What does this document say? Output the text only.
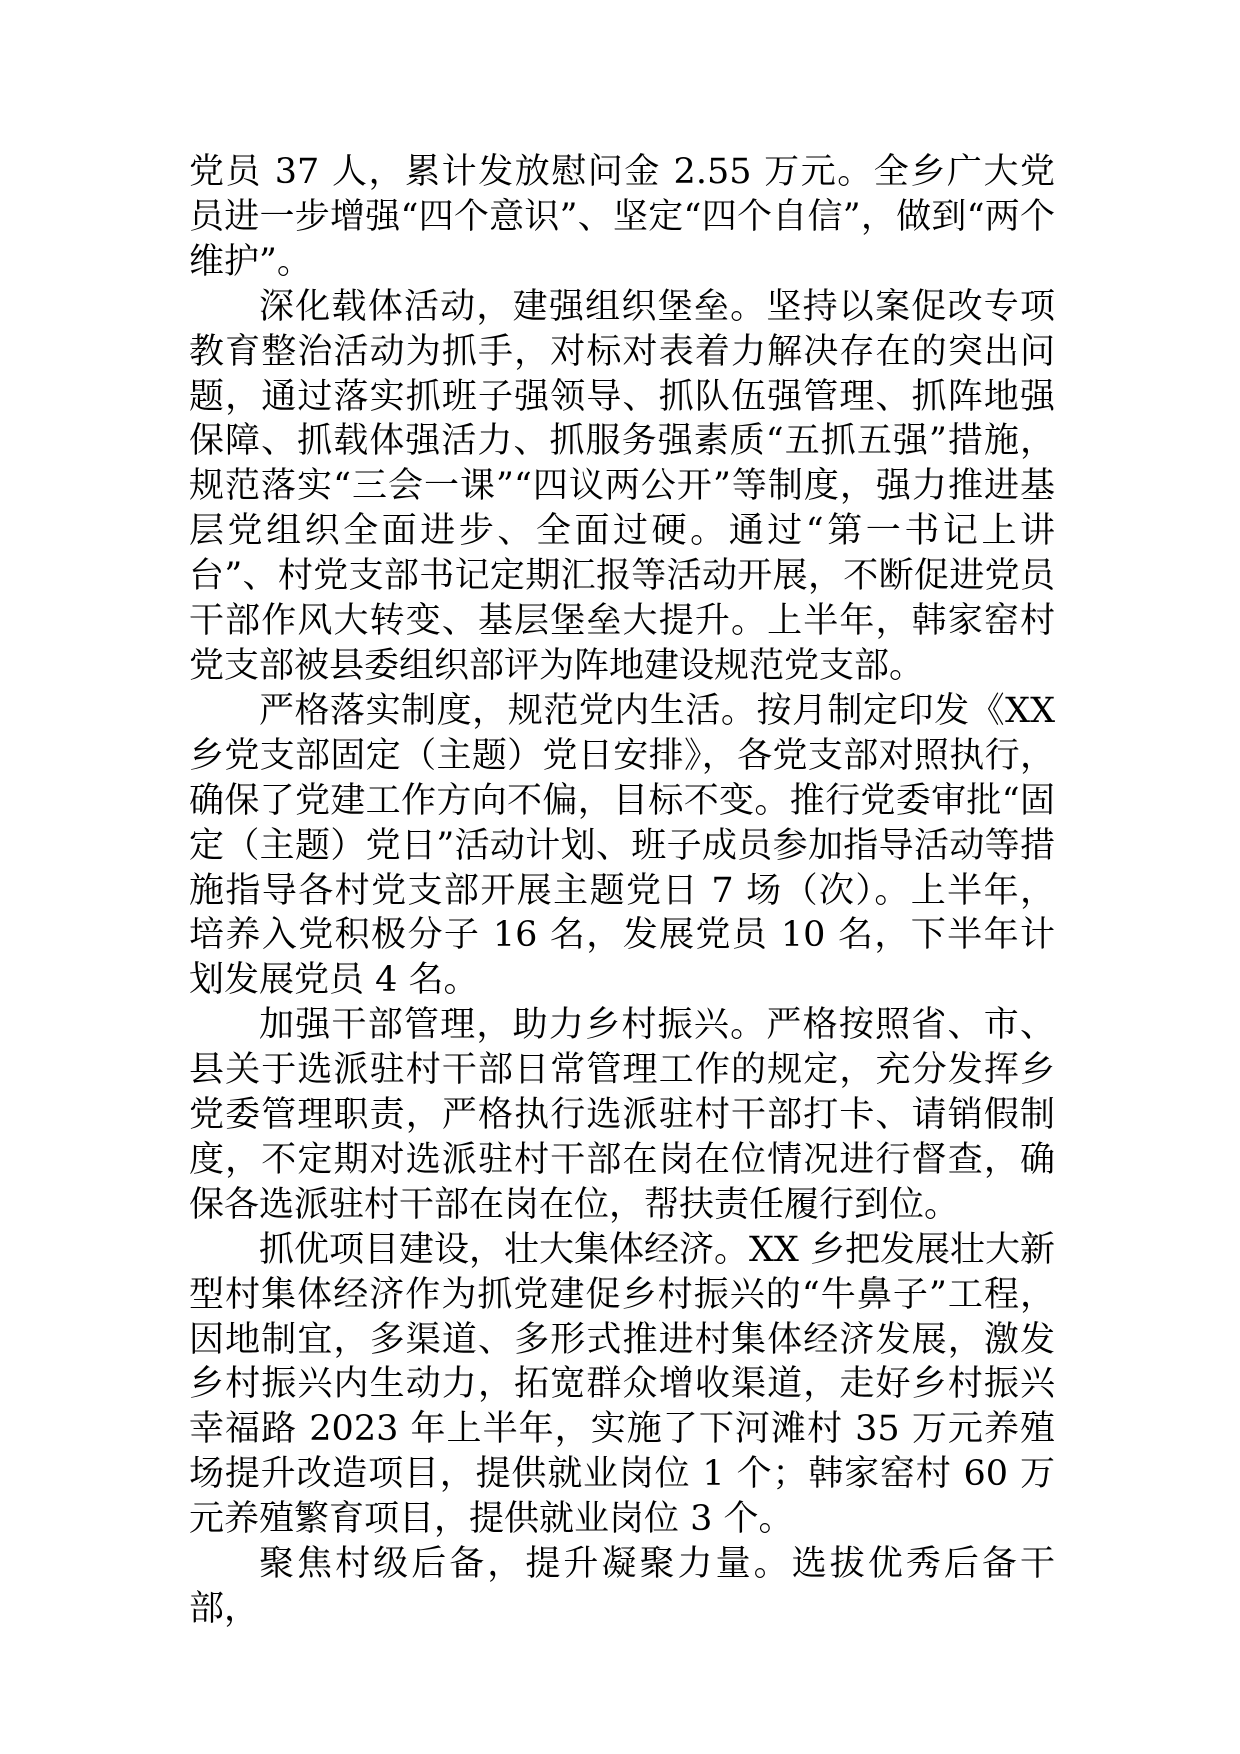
党员 37 人，累计发放慰问金 2.55 万元。全乡广大党员进一步增强“四个意识”、坚定“四个自信”，做到“两个维护”。

深化载体活动，建强组织堡垒。坚持以案促改专项教育整治活动为抓手，对标对表着力解决存在的突出问题，通过落实抓班子强领导、抓队伍强管理、抓阵地强保障、抓载体强活力、抓服务强素质“五抓五强”措施，规范落实“三会一课”“四议两公开”等制度，强力推进基层党组织全面进步、全面过硬。通过“第一书记上讲台”、村党支部书记定期汇报等活动开展，不断促进党员干部作风大转变、基层堡垒大提升。上半年，韩家窑村党支部被县委组织部评为阵地建设规范党支部。

严格落实制度，规范党内生活。按月制定印发《XX 乡党支部固定（主题）党日安排》，各党支部对照执行，确保了党建工作方向不偏，目标不变。推行党委审批“固定（主题）党日”活动计划、班子成员参加指导活动等措施指导各村党支部开展主题党日 7 场（次）。上半年，培养入党积极分子 16 名，发展党员 10 名，下半年计划发展党员 4 名。

加强干部管理，助力乡村振兴。严格按照省、市、县关于选派驻村干部日常管理工作的规定，充分发挥乡党委管理职责，严格执行选派驻村干部打卡、请销假制度，不定期对选派驻村干部在岗在位情况进行督查，确保各选派驻村干部在岗在位，帮扶责任履行到位。

抓优项目建设，壮大集体经济。XX 乡把发展壮大新型村集体经济作为抓党建促乡村振兴的“牛鼻子”工程，因地制宜，多渠道、多形式推进村集体经济发展，激发乡村振兴内生动力，拓宽群众增收渠道，走好乡村振兴幸福路 2023 年上半年，实施了下河滩村 35 万元养殖场提升改造项目，提供就业岗位 1 个；韩家窑村 60 万元养殖繁育项目，提供就业岗位 3 个。

聚焦村级后备，提升凝聚力量。选拔优秀后备干部，
